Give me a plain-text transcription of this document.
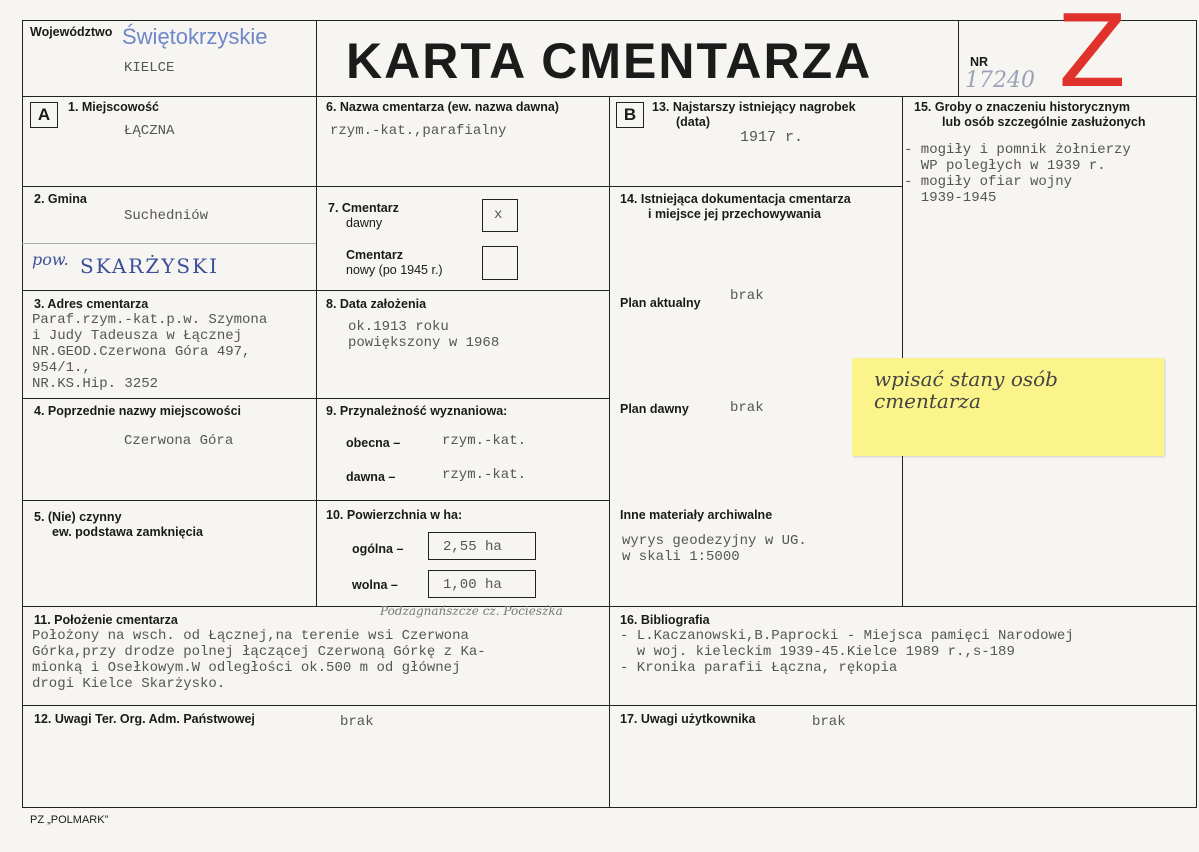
Województwo Świętokrzyskie
KIELCE	KARTA CMENTARZA	NR
17240 Z
A	1. Miejscowość
ŁĄCZNA
2. Gmina
Suchedniów
pow. SKARŻYSKI
3. Adres cmentarza
Paraf.rzym.-kat.p.w. Szymona
i Judy Tadeusza w Łącznej
NR.GEOD.Czerwona Góra 497,
954/1.,
NR.KS.Hip. 3252
4. Poprzednie nazwy miejscowości
Czerwona Góra
5. (Nie) czynny
ew. podstawa zamknięcia
6. Nazwa cmentarza (ew. nazwa dawna)
rzym.-kat.,parafialny
7. Cmentarz
dawny	x
Cmentarz
nowy (po 1945 r.)
8. Data założenia
ok.1913 roku
powiększony w 1968
9. Przynależność wyznaniowa:
obecna –	rzym.-kat.
dawna –	rzym.-kat.
10. Powierzchnia w ha:
ogólna –	2,55 ha
wolna –	1,00 ha
B	13. Najstarszy istniejący nagrobek
(data)
1917 r.
14. Istniejąca dokumentacja cmentarza
i miejsce jej przechowywania
Plan aktualny brak
Plan dawny	brak
Inne materiały archiwalne
wyrys geodezyjny w UG.
w skali 1:5000
15. Groby o znaczeniu historycznym
lub osób szczególnie zasłużonych
- mogiły i pomnik żołnierzy
WP poległych w 1939 r.
- mogiły ofiar wojny
1939-1945
wpisać stany osób
cmentarza
11. Położenie cmentarza
Podzagnańszcze cz. Pociesźka
Położony na wsch. od Łącznej,na terenie wsi Czerwona
Górka,przy drodze polnej łączącej Czerwoną Górkę z Ka-
mionką i Osełkowym.W odległości ok.500 m od głównej
drogi Kielce Skarżysko.
16. Bibliografia
- L.Kaczanowski,B.Paprocki - Miejsca pamięci Narodowej
w woj. kieleckim 1939-45.Kielce 1989 r.,s-189
- Kronika parafii Łączna, rękopia
12. Uwagi Ter. Org. Adm. Państwowej	brak	17. Uwagi użytkownika	brak
PZ „POLMARK”
